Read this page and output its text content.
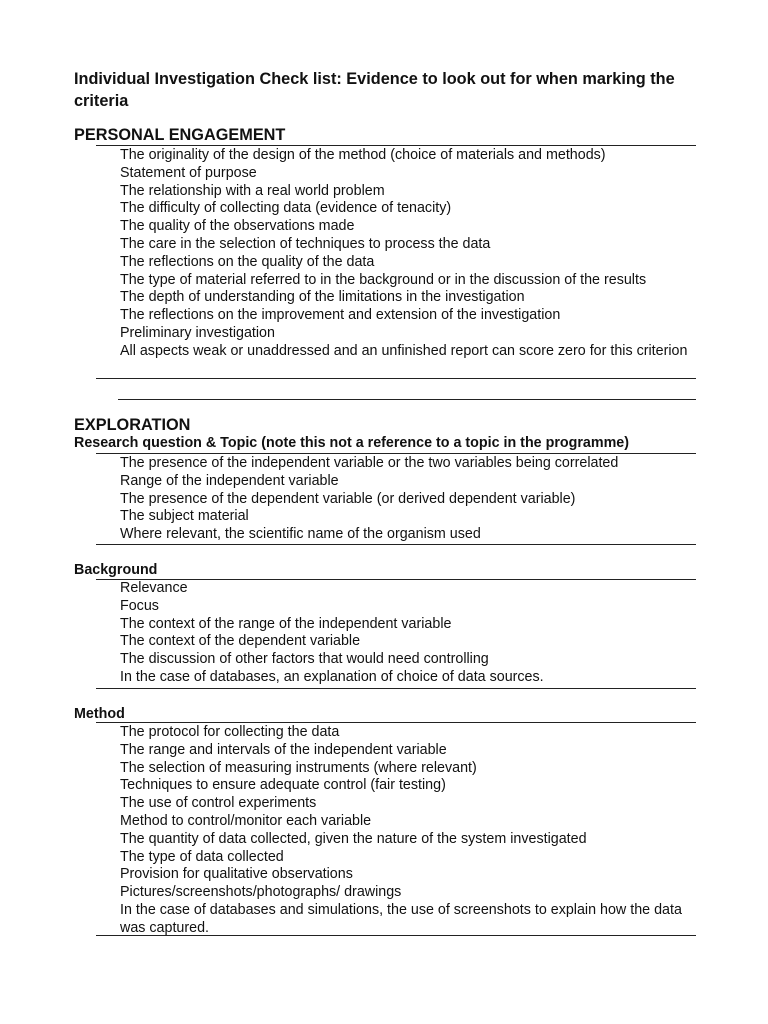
Individual Investigation Check list: Evidence to look out for when marking the criteria
PERSONAL ENGAGEMENT
The originality of the design of the method (choice of materials and methods)
Statement of purpose
The relationship with a real world problem
The difficulty of collecting data (evidence of tenacity)
The quality of the observations made
The care in the selection of techniques to process the data
The reflections on the quality of the data
The type of material referred to in the background or in the discussion of the results
The depth of understanding of the limitations in the investigation
The reflections on the improvement and extension of the investigation
Preliminary investigation
All aspects weak or unaddressed and an unfinished report can score zero for this criterion
EXPLORATION
Research question & Topic (note this not a reference to a topic in the programme)
The presence of the independent variable or the two variables being correlated
Range of the independent variable
The presence of the dependent variable (or derived dependent variable)
The subject material
Where relevant, the scientific name of the organism used
Background
Relevance
Focus
The context of the range of the independent variable
The context of the dependent variable
The discussion of other factors that would need controlling
In the case of databases, an explanation of choice of data sources.
Method
The protocol for collecting the data
The range and intervals of the independent variable
The selection of measuring instruments (where relevant)
Techniques to ensure adequate control (fair testing)
The use of control experiments
Method to control/monitor each variable
The quantity of data collected, given the nature of the system investigated
The type of data collected
Provision for qualitative observations
Pictures/screenshots/photographs/ drawings
In the case of databases and simulations, the use of screenshots to explain how the data was captured.
